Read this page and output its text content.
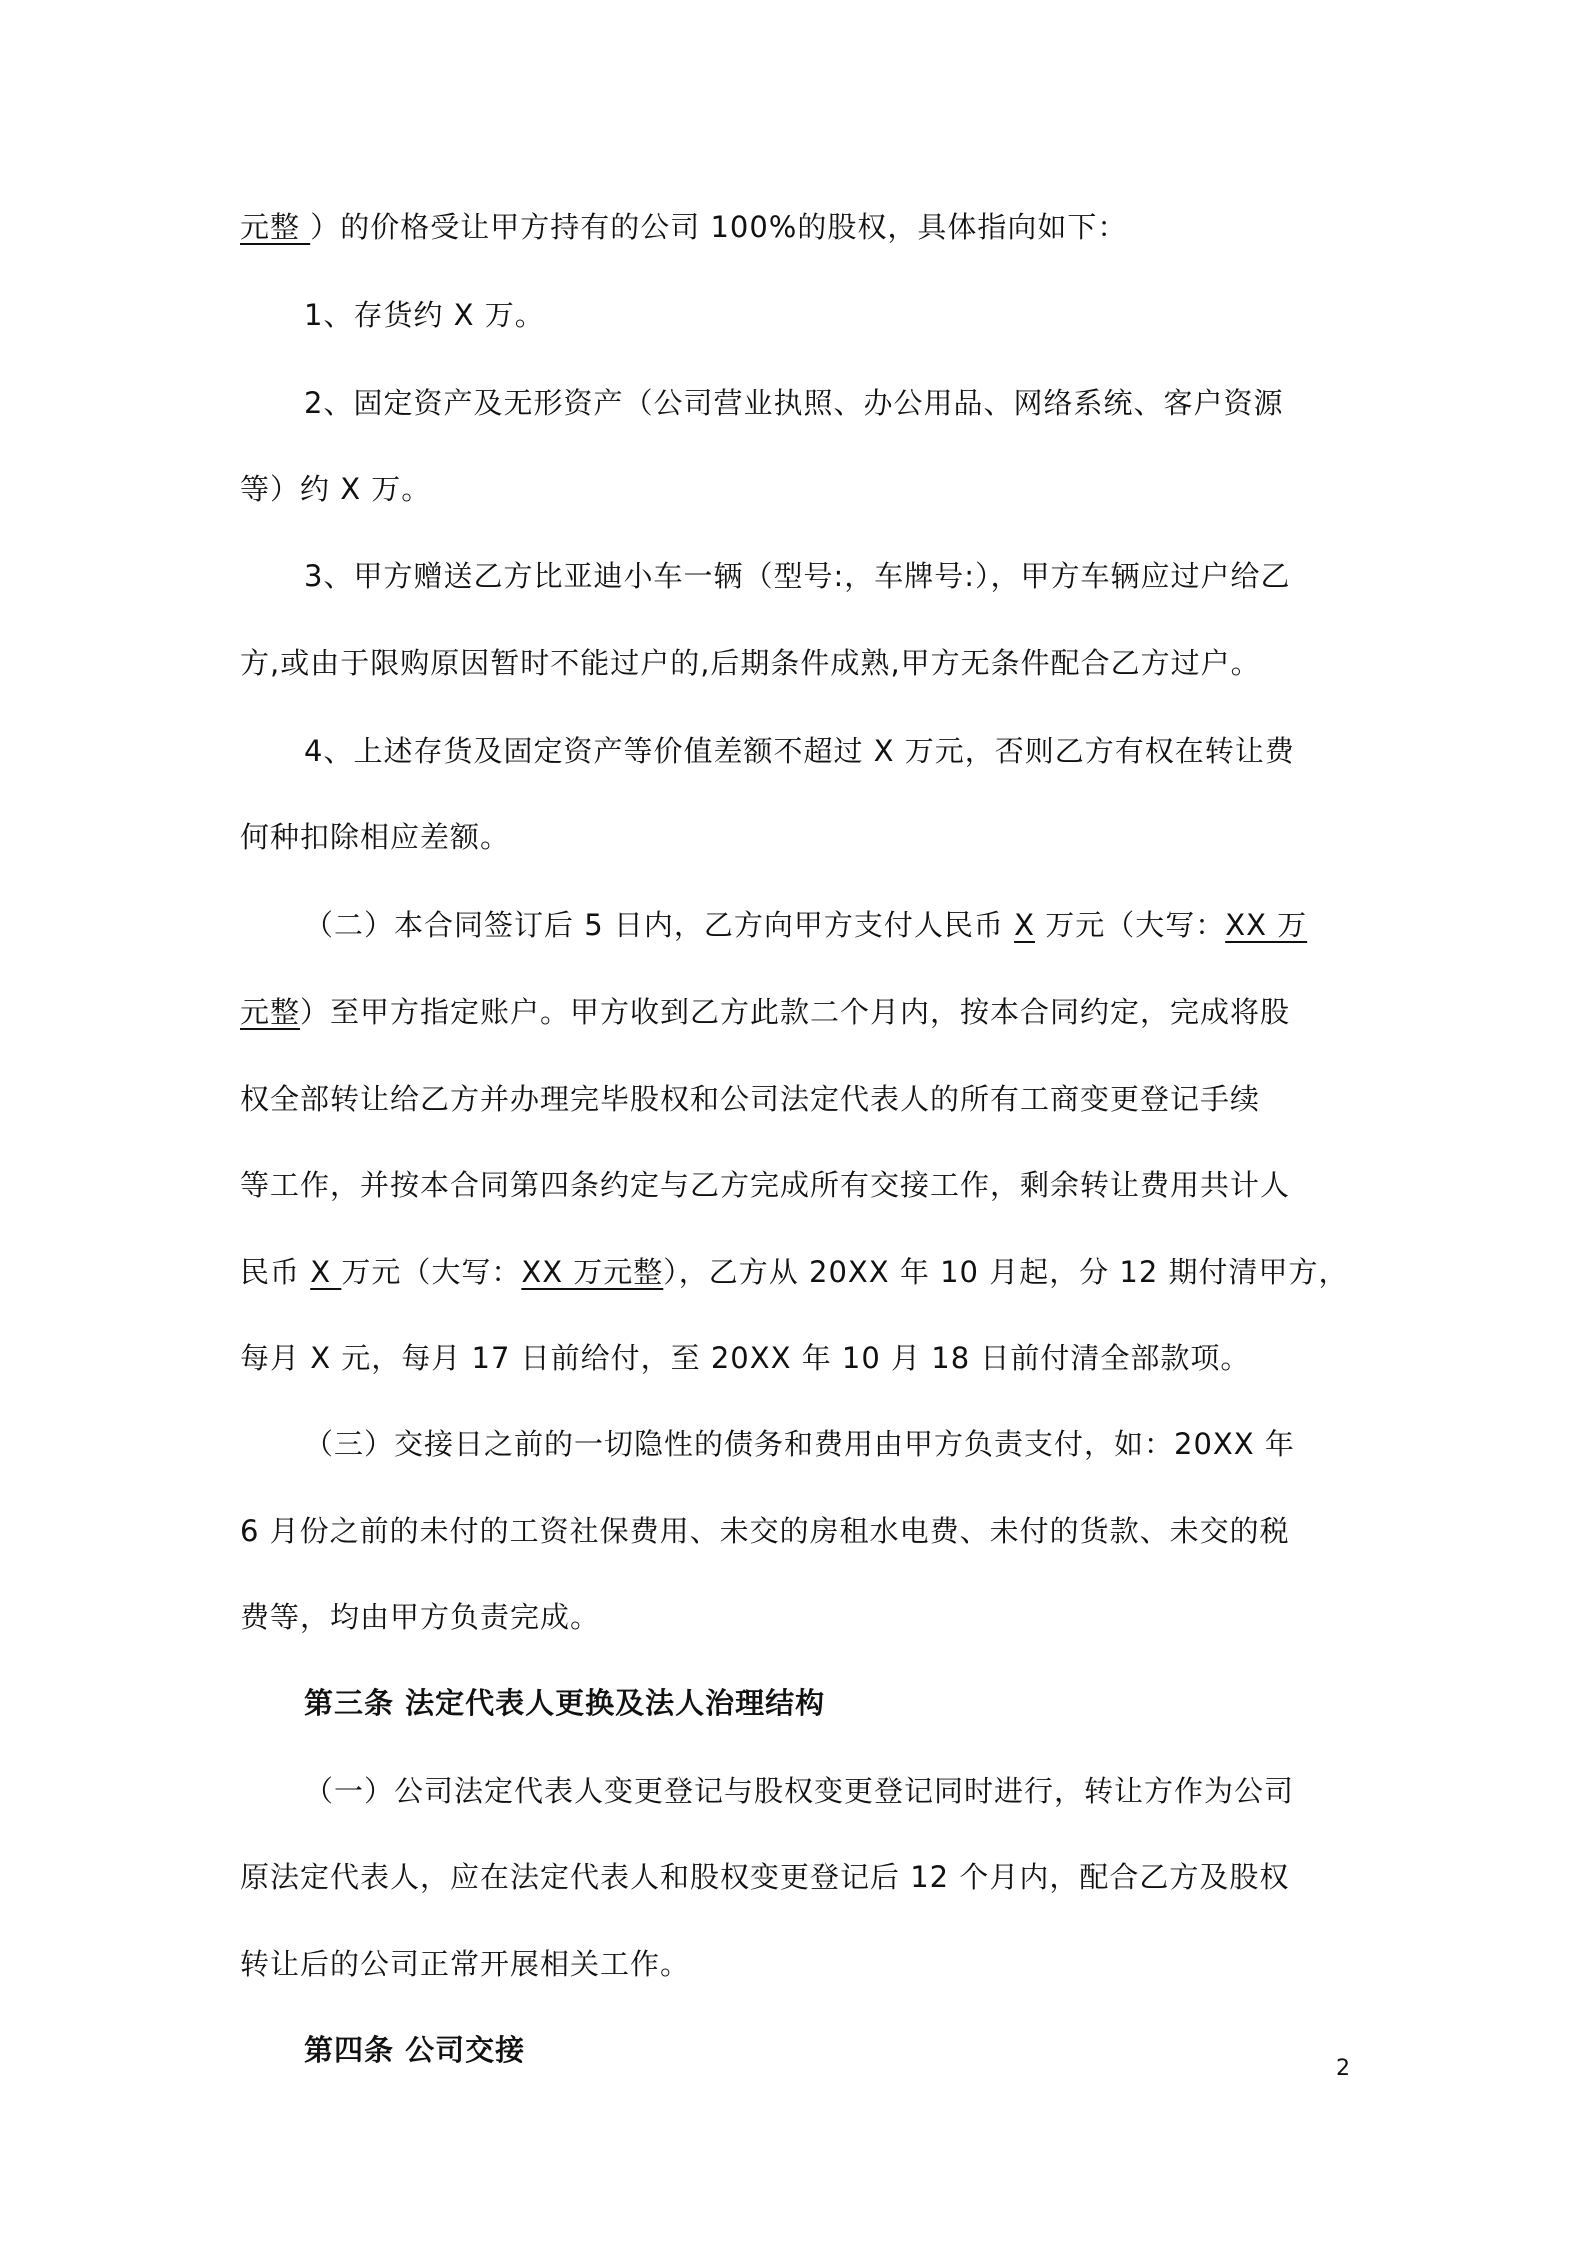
元整 ）的价格受让甲方持有的公司 100%的股权，具体指向如下：
1、存货约 X 万。
2、固定资产及无形资产（公司营业执照、办公用品、网络系统、客户资源
等）约 X 万。
3、甲方赠送乙方比亚迪小车一辆（型号:，车牌号:），甲方车辆应过户给乙
方,或由于限购原因暂时不能过户的,后期条件成熟,甲方无条件配合乙方过户。
4、上述存货及固定资产等价值差额不超过 X 万元，否则乙方有权在转让费
何种扣除相应差额。
（二）本合同签订后 5 日内，乙方向甲方支付人民币 X 万元（大写：XX 万
元整）至甲方指定账户。甲方收到乙方此款二个月内，按本合同约定，完成将股
权全部转让给乙方并办理完毕股权和公司法定代表人的所有工商变更登记手续
等工作，并按本合同第四条约定与乙方完成所有交接工作，剩余转让费用共计人
民币 X 万元（大写：XX 万元整），乙方从 20XX 年 10 月起，分 12 期付清甲方，
每月 X 元，每月 17 日前给付，至 20XX 年 10 月 18 日前付清全部款项。
（三）交接日之前的一切隐性的债务和费用由甲方负责支付，如：20XX 年
6 月份之前的未付的工资社保费用、未交的房租水电费、未付的货款、未交的税
费等，均由甲方负责完成。
第三条 法定代表人更换及法人治理结构
（一）公司法定代表人变更登记与股权变更登记同时进行，转让方作为公司
原法定代表人，应在法定代表人和股权变更登记后 12 个月内，配合乙方及股权
转让后的公司正常开展相关工作。
第四条 公司交接
2
